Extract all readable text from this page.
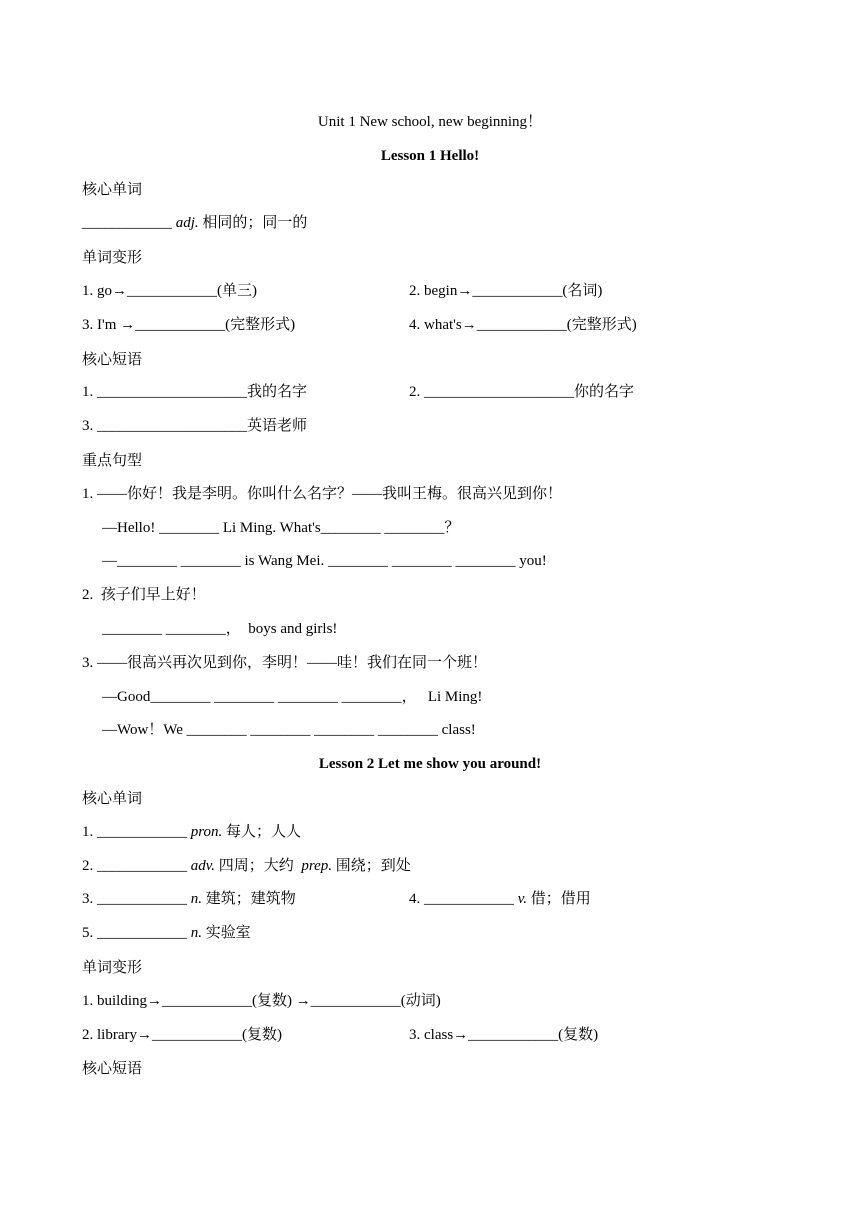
Unit 1 New school, new beginning！
Lesson 1 Hello!
核心单词
____________ adj. 相同的；同一的
单词变形
1. go→____________(单三)	2. begin→____________(名词)
3. I'm →____________(完整形式)	4. what's→____________(完整形式)
核心短语
1. ____________________我的名字	2. ____________________你的名字
3. ____________________英语老师
重点句型
1. ——你好！我是李明。你叫什么名字？——我叫王梅。很高兴见到你！
—Hello! ________ Li Ming. What's________ ________？
—________ ________ is Wang Mei. ________ ________ ________ you!
2.  孩子们早上好！
________ ________，  boys and girls!
3. ——很高兴再次见到你，李明！——哇！我们在同一个班！
—Good________ ________ ________ ________，   Li Ming!
—Wow！We ________ ________ ________ ________ class!
Lesson 2 Let me show you around!
核心单词
1. ____________ pron. 每人；人人
2. ____________ adv. 四周；大约  prep. 围绕；到处
3. ____________ n. 建筑；建筑物	4. ____________ v. 借；借用
5. ____________ n. 实验室
单词变形
1. building→____________(复数) →____________(动词)
2. library→____________(复数)	3. class→____________(复数)
核心短语
